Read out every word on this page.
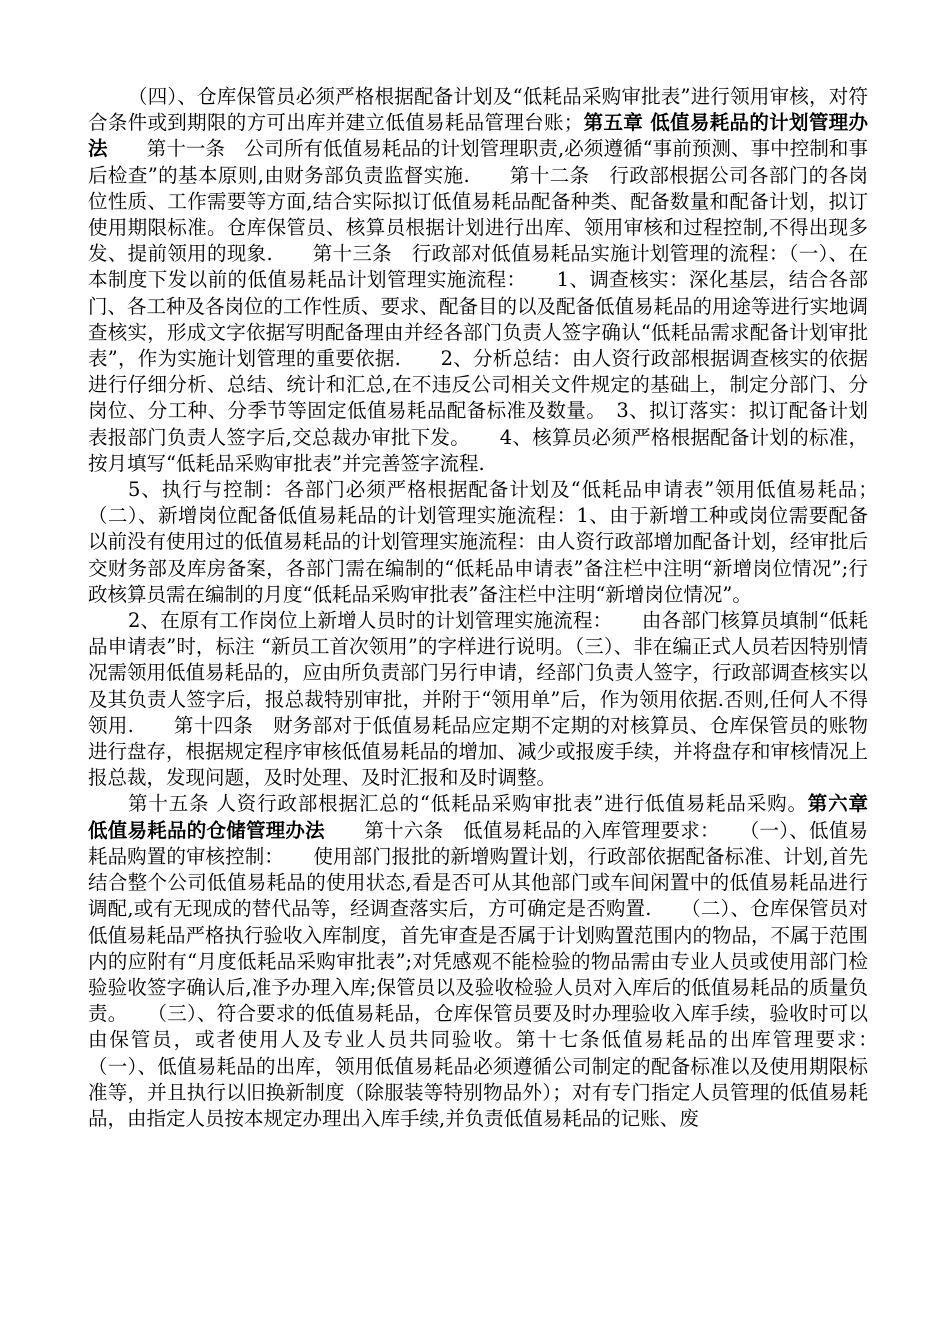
（四）、仓库保管员必须严格根据配备计划及“低耗品采购审批表”进行领用审核，对符合条件或到期限的方可出库并建立低值易耗品管理台账；第五章 低值易耗品的计划管理办法　　第十一条　公司所有低值易耗品的计划管理职责,必须遵循“事前预测、事中控制和事后检查”的基本原则,由财务部负责监督实施.　　第十二条　行政部根据公司各部门的各岗位性质、工作需要等方面,结合实际拟订低值易耗品配备种类、配备数量和配备计划，拟订使用期限标准。仓库保管员、核算员根据计划进行出库、领用审核和过程控制,不得出现多发、提前领用的现象.　　第十三条　行政部对低值易耗品实施计划管理的流程：（一）、在本制度下发以前的低值易耗品计划管理实施流程：　　1、调查核实：深化基层，结合各部门、各工种及各岗位的工作性质、要求、配备目的以及配备低值易耗品的用途等进行实地调查核实，形成文字依据写明配备理由并经各部门负责人签字确认“低耗品需求配备计划审批表”，作为实施计划管理的重要依据.　　2、分析总结：由人资行政部根据调查核实的依据进行仔细分析、总结、统计和汇总,在不违反公司相关文件规定的基础上，制定分部门、分岗位、分工种、分季节等固定低值易耗品配备标准及数量。　3、拟订落实：拟订配备计划表报部门负责人签字后,交总裁办审批下发。　　4、核算员必须严格根据配备计划的标准，按月填写“低耗品采购审批表”并完善签字流程.

5、执行与控制：各部门必须严格根据配备计划及“低耗品申请表”领用低值易耗品；　　（二）、新增岗位配备低值易耗品的计划管理实施流程：1、由于新增工种或岗位需要配备以前没有使用过的低值易耗品的计划管理实施流程：由人资行政部增加配备计划，经审批后交财务部及库房备案，各部门需在编制的“低耗品申请表”备注栏中注明“新增岗位情况”;行政核算员需在编制的月度“低耗品采购审批表”备注栏中注明“新增岗位情况”。

2、在原有工作岗位上新增人员时的计划管理实施流程：　　由各部门核算员填制“低耗品申请表”时，标注 “新员工首次领用”的字样进行说明。（三）、非在编正式人员若因特别情况需领用低值易耗品的，应由所负责部门另行申请，经部门负责人签字，行政部调查核实以及其负责人签字后，报总裁特别审批，并附于“领用单”后，作为领用依据.否则,任何人不得领用.　　第十四条　财务部对于低值易耗品应定期不定期的对核算员、仓库保管员的账物进行盘存，根据规定程序审核低值易耗品的增加、减少或报废手续，并将盘存和审核情况上报总裁，发现问题，及时处理、及时汇报和及时调整。

第十五条 人资行政部根据汇总的“低耗品采购审批表”进行低值易耗品采购。第六章　低值易耗品的仓储管理办法　　第十六条　低值易耗品的入库管理要求：　　（一）、低值易耗品购置的审核控制：　　使用部门报批的新增购置计划，行政部依据配备标准、计划,首先结合整个公司低值易耗品的使用状态,看是否可从其他部门或车间闲置中的低值易耗品进行调配,或有无现成的替代品等，经调查落实后，方可确定是否购置.　　（二）、仓库保管员对低值易耗品严格执行验收入库制度，首先审查是否属于计划购置范围内的物品，不属于范围内的应附有“月度低耗品采购审批表”;对凭感观不能检验的物品需由专业人员或使用部门检验验收签字确认后,准予办理入库;保管员以及验收检验人员对入库后的低值易耗品的质量负责。　　（三）、符合要求的低值易耗品，仓库保管员要及时办理验收入库手续，验收时可以由保管员，或者使用人及专业人员共同验收。第十七条低值易耗品的出库管理要求：　　（一）、低值易耗品的出库，领用低值易耗品必须遵循公司制定的配备标准以及使用期限标准等，并且执行以旧换新制度（除服装等特别物品外）；对有专门指定人员管理的低值易耗品，由指定人员按本规定办理出入库手续,并负责低值易耗品的记账、废
